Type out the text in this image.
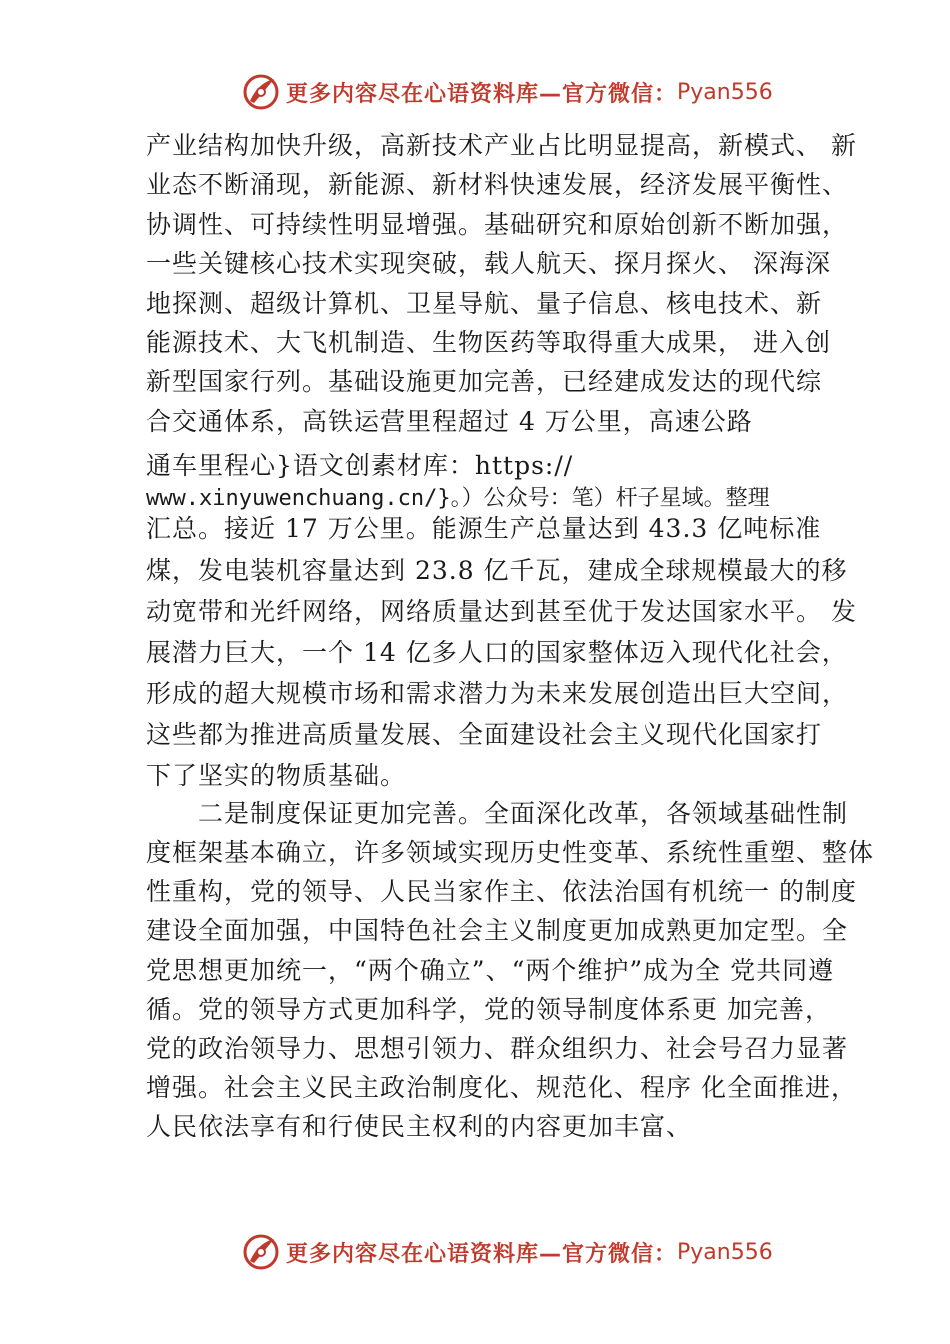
更多内容尽在心语资料库—官方微信： Pyan556
产业结构加快升级，高新技术产业占比明显提高，新模式、 新
业态不断涌现，新能源、新材料快速发展，经济发展平衡性、
协调性、可持续性明显增强。基础研究和原始创新不断加强，
一些关键核心技术实现突破，载人航天、探月探火、 深海深
地探测、超级计算机、卫星导航、量子信息、核电技术、新
能源技术、大飞机制造、生物医药等取得重大成果， 进入创
新型国家行列。基础设施更加完善，已经建成发达的现代综
合交通体系，高铁运营里程超过 4 万公里，高速公路
通车里程心}语文创素材库：https://
www.xinyuwenchuang.cn/}。）公众号：笔）杆子星域。整理
汇总。接近 17 万公里。能源生产总量达到 43.3 亿吨标准
煤，发电装机容量达到 23.8 亿千瓦，建成全球规模最大的移
动宽带和光纤网络，网络质量达到甚至优于发达国家水平。 发
展潜力巨大，一个 14 亿多人口的国家整体迈入现代化社会，
形成的超大规模市场和需求潜力为未来发展创造出巨大空间，
这些都为推进高质量发展、全面建设社会主义现代化国家打
下了坚实的物质基础。
二是制度保证更加完善。全面深化改革，各领域基础性制
度框架基本确立，许多领域实现历史性变革、系统性重塑、整体
性重构，党的领导、人民当家作主、依法治国有机统一 的制度
建设全面加强，中国特色社会主义制度更加成熟更加定型。全
党思想更加统一，“两个确立”、“两个维护”成为全 党共同遵
循。党的领导方式更加科学，党的领导制度体系更 加完善，
党的政治领导力、思想引领力、群众组织力、社会号召力显著
增强。社会主义民主政治制度化、规范化、程序 化全面推进，
人民依法享有和行使民主权利的内容更加丰富、
更多内容尽在心语资料库—官方微信： Pyan556
